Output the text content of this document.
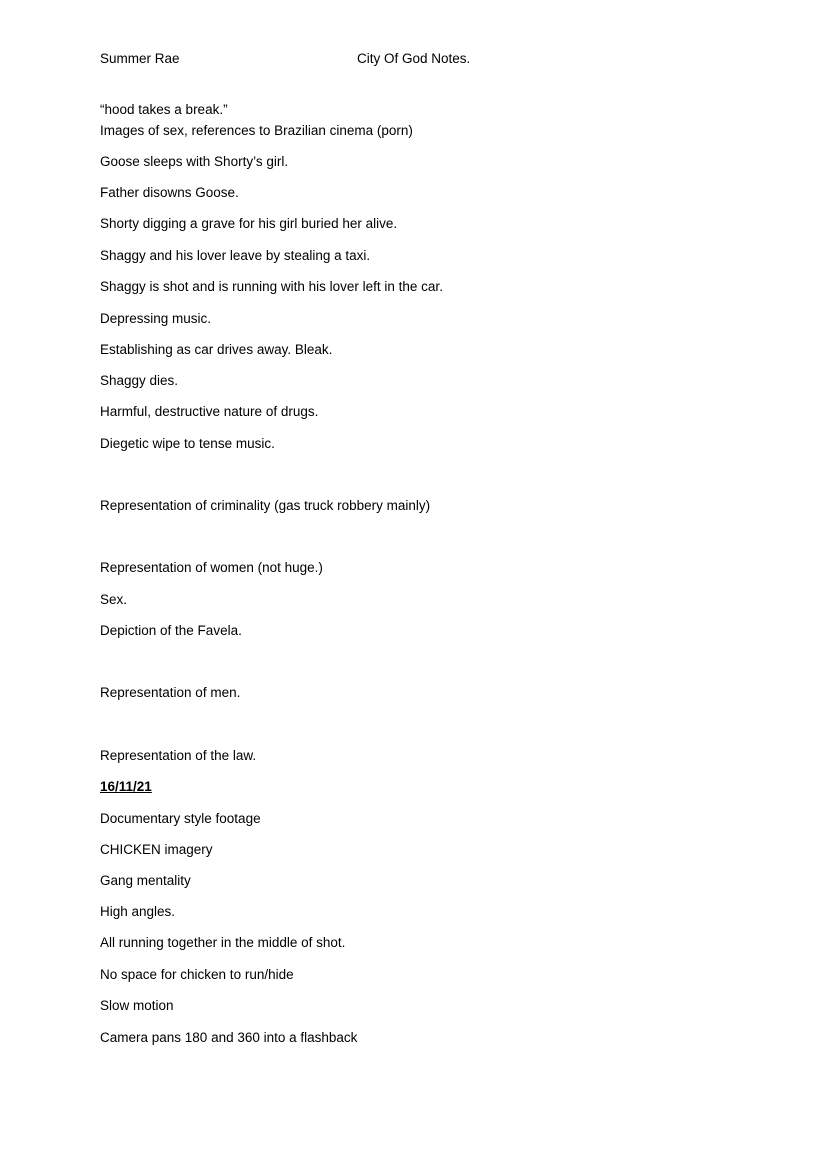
Summer Rae	City Of God Notes.
“hood takes a break.”
Images of sex, references to Brazilian cinema (porn)
Goose sleeps with Shorty’s girl.
Father disowns Goose.
Shorty digging a grave for his girl buried her alive.
Shaggy and his lover leave by stealing a taxi.
Shaggy is shot and is running with his lover left in the car.
Depressing music.
Establishing as car drives away. Bleak.
Shaggy dies.
Harmful, destructive nature of drugs.
Diegetic wipe to tense music.
Representation of criminality (gas truck robbery mainly)
Representation of women (not huge.)
Sex.
Depiction of the Favela.
Representation of men.
Representation of the law.
16/11/21
Documentary style footage
CHICKEN imagery
Gang mentality
High angles.
All running together in the middle of shot.
No space for chicken to run/hide
Slow motion
Camera pans 180 and 360 into a flashback
